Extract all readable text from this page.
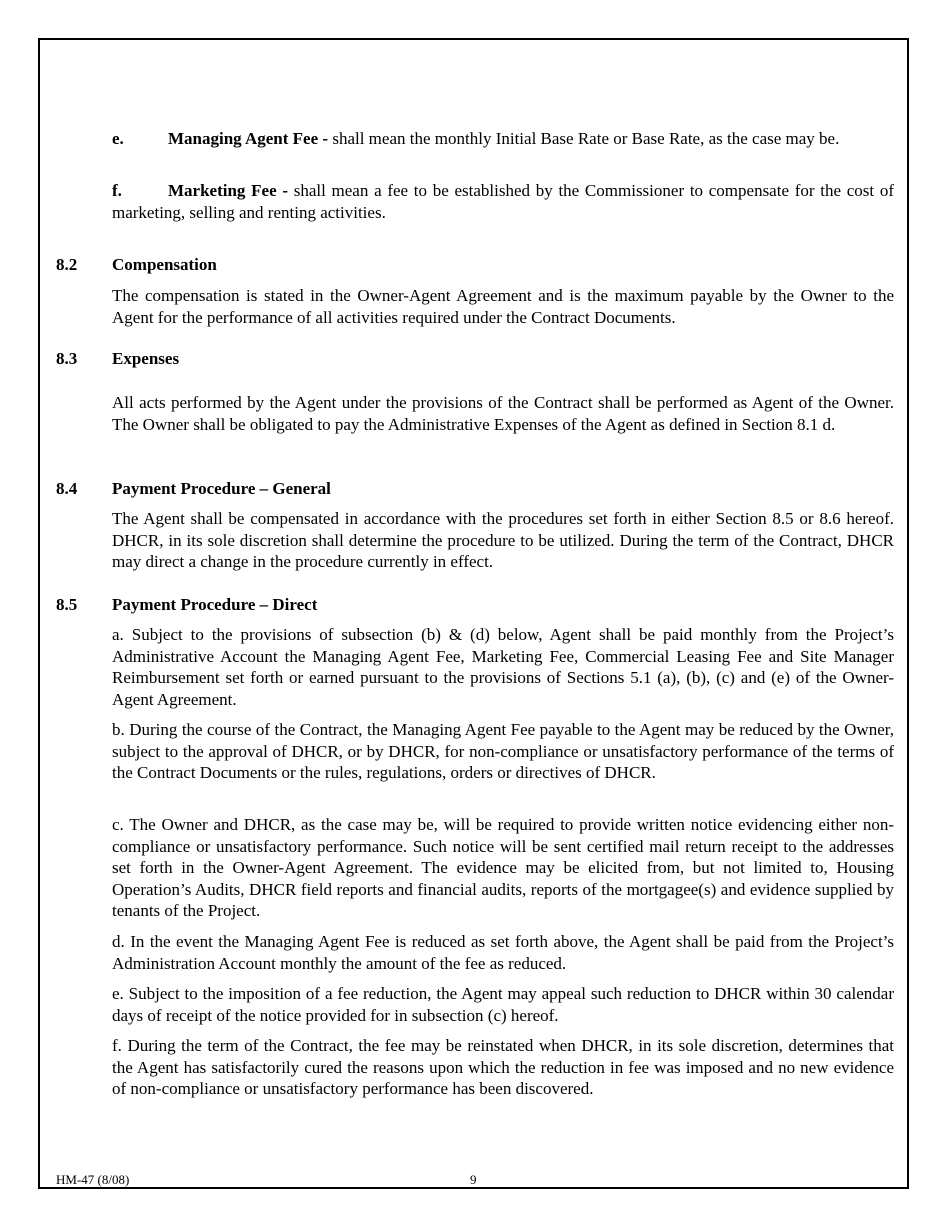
e.	Managing Agent Fee - shall mean the monthly Initial Base Rate or Base Rate, as the case may be.

f.	Marketing Fee - shall mean a fee to be established by the Commissioner to compensate for the cost of marketing, selling and renting activities.

8.2 Compensation

The compensation is stated in the Owner-Agent Agreement and is the maximum payable by the Owner to the Agent for the performance of all activities required under the Contract Documents.

8.3 Expenses

All acts performed by the Agent under the provisions of the Contract shall be performed as Agent of the Owner. The Owner shall be obligated to pay the Administrative Expenses of the Agent as defined in Section 8.1 d.

8.4 Payment Procedure – General

The Agent shall be compensated in accordance with the procedures set forth in either Section 8.5 or 8.6 hereof. DHCR, in its sole discretion shall determine the procedure to be utilized. During the term of the Contract, DHCR may direct a change in the procedure currently in effect.

8.5 Payment Procedure – Direct

a. Subject to the provisions of subsection (b) & (d) below, Agent shall be paid monthly from the Project’s Administrative Account the Managing Agent Fee, Marketing Fee, Commercial Leasing Fee and Site Manager Reimbursement set forth or earned pursuant to the provisions of Sections 5.1 (a), (b), (c) and (e) of the Owner-Agent Agreement.

b. During the course of the Contract, the Managing Agent Fee payable to the Agent may be reduced by the Owner, subject to the approval of DHCR, or by DHCR, for non-compliance or unsatisfactory performance of the terms of the Contract Documents or the rules, regulations, orders or directives of DHCR.

c. The Owner and DHCR, as the case may be, will be required to provide written notice evidencing either non-compliance or unsatisfactory performance. Such notice will be sent certified mail return receipt to the addresses set forth in the Owner-Agent Agreement. The evidence may be elicited from, but not limited to, Housing Operation’s Audits, DHCR field reports and financial audits, reports of the mortgagee(s) and evidence supplied by tenants of the Project.

d. In the event the Managing Agent Fee is reduced as set forth above, the Agent shall be paid from the Project’s Administration Account monthly the amount of the fee as reduced.

e. Subject to the imposition of a fee reduction, the Agent may appeal such reduction to DHCR within 30 calendar days of receipt of the notice provided for in subsection (c) hereof.

f. During the term of the Contract, the fee may be reinstated when DHCR, in its sole discretion, determines that the Agent has satisfactorily cured the reasons upon which the reduction in fee was imposed and no new evidence of non-compliance or unsatisfactory performance has been discovered.

HM-47 (8/08)	9
